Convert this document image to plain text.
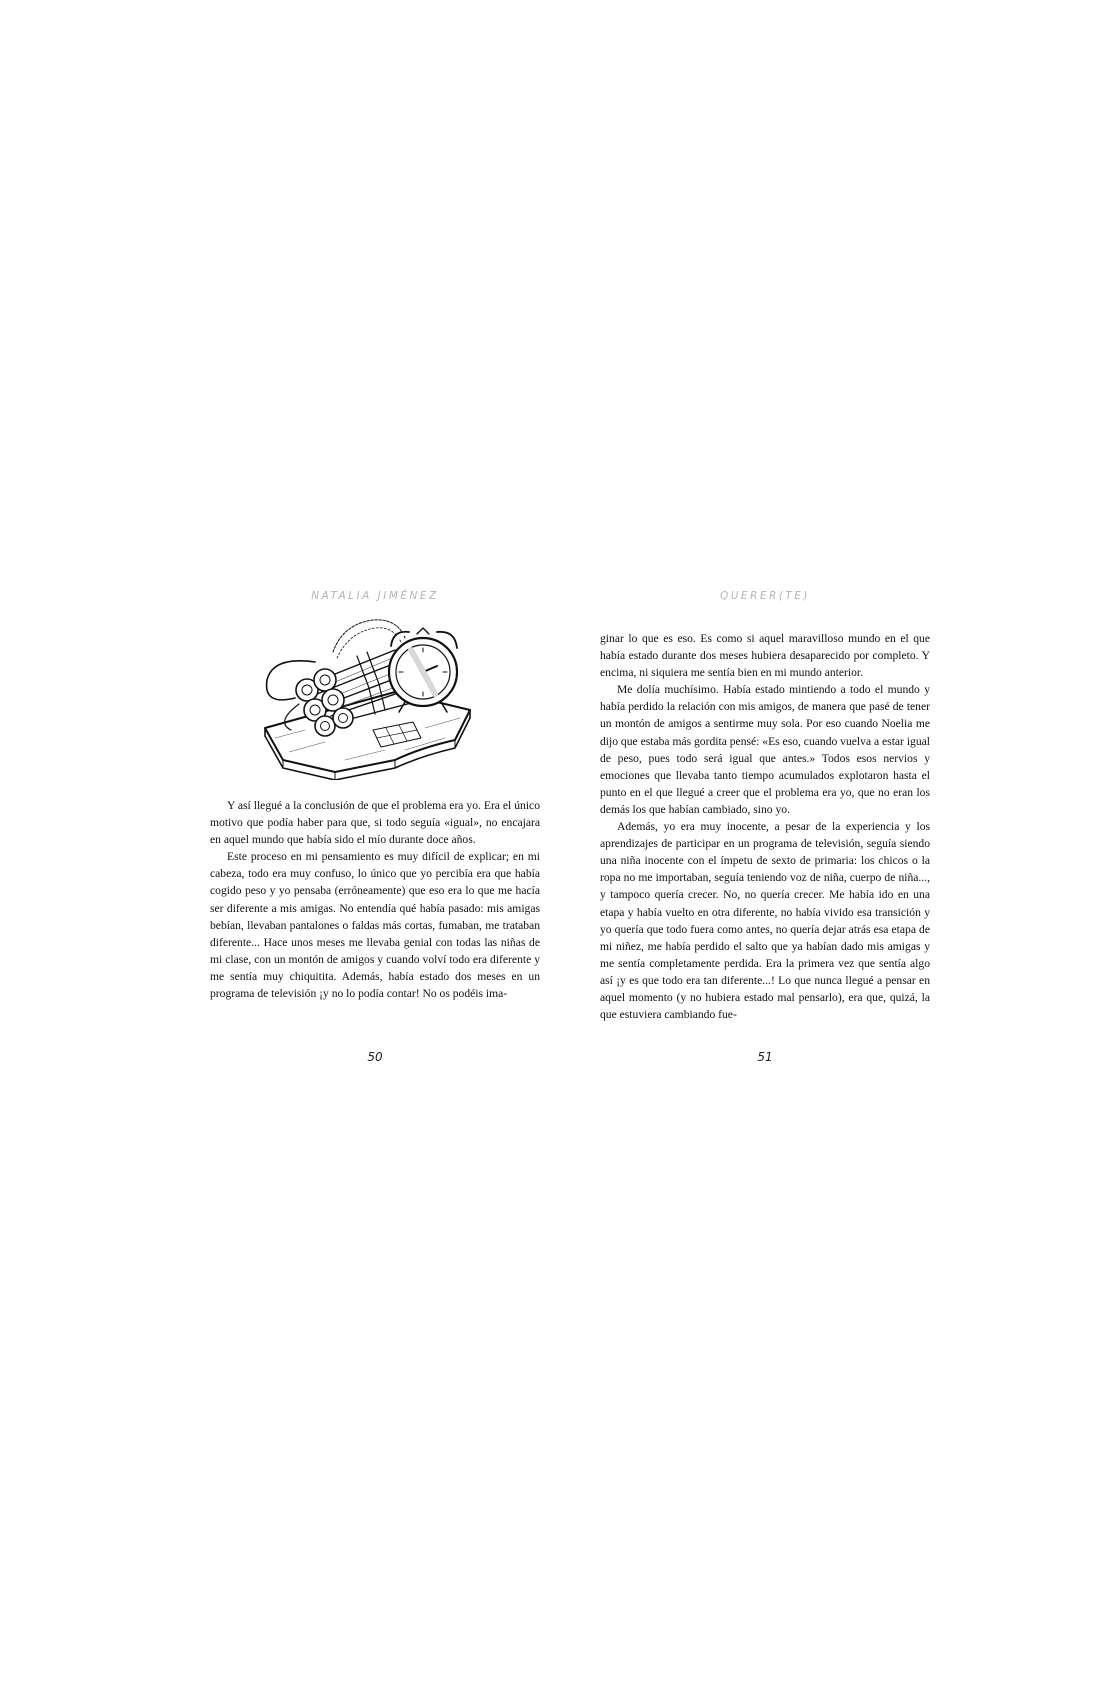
NATALIA JIMÉNEZ

Y así llegué a la conclusión de que el problema era yo. Era el único motivo que podía haber para que, si todo seguía «igual», no encajara en aquel mundo que había sido el mío durante doce años.

Este proceso en mi pensamiento es muy difícil de explicar; en mi cabeza, todo era muy confuso, lo único que yo percibía era que había cogido peso y yo pensaba (erróneamente) que eso era lo que me hacía ser diferente a mis amigas. No entendía qué había pasado: mis amigas bebían, llevaban pantalones o faldas más cortas, fumaban, me trataban diferente... Hace unos meses me llevaba genial con todas las niñas de mi clase, con un montón de amigos y cuando volví todo era diferente y me sentía muy chiquitita. Además, había estado dos meses en un programa de televisión ¡y no lo podía contar! No os podéis ima-

50
QUERER(TE)

ginar lo que es eso. Es como si aquel maravilloso mundo en el que había estado durante dos meses hubiera desaparecido por completo. Y encima, ni siquiera me sentía bien en mi mundo anterior.

Me dolía muchísimo. Había estado mintiendo a todo el mundo y había perdido la relación con mis amigos, de manera que pasé de tener un montón de amigos a sentirme muy sola. Por eso cuando Noelia me dijo que estaba más gordita pensé: «Es eso, cuando vuelva a estar igual de peso, pues todo será igual que antes.» Todos esos nervios y emociones que llevaba tanto tiempo acumulados explotaron hasta el punto en el que llegué a creer que el problema era yo, que no eran los demás los que habían cambiado, sino yo.

Además, yo era muy inocente, a pesar de la experiencia y los aprendizajes de participar en un programa de televisión, seguía siendo una niña inocente con el ímpetu de sexto de primaria: los chicos o la ropa no me importaban, seguía teniendo voz de niña, cuerpo de niña..., y tampoco quería crecer. No, no quería crecer. Me había ido en una etapa y había vuelto en otra diferente, no había vivido esa transición y yo quería que todo fuera como antes, no quería dejar atrás esa etapa de mi niñez, me había perdido el salto que ya habían dado mis amigas y me sentía completamente perdida. Era la primera vez que sentía algo así ¡y es que todo era tan diferente...! Lo que nunca llegué a pensar en aquel momento (y no hubiera estado mal pensarlo), era que, quizá, la que estuviera cambiando fue-

51
